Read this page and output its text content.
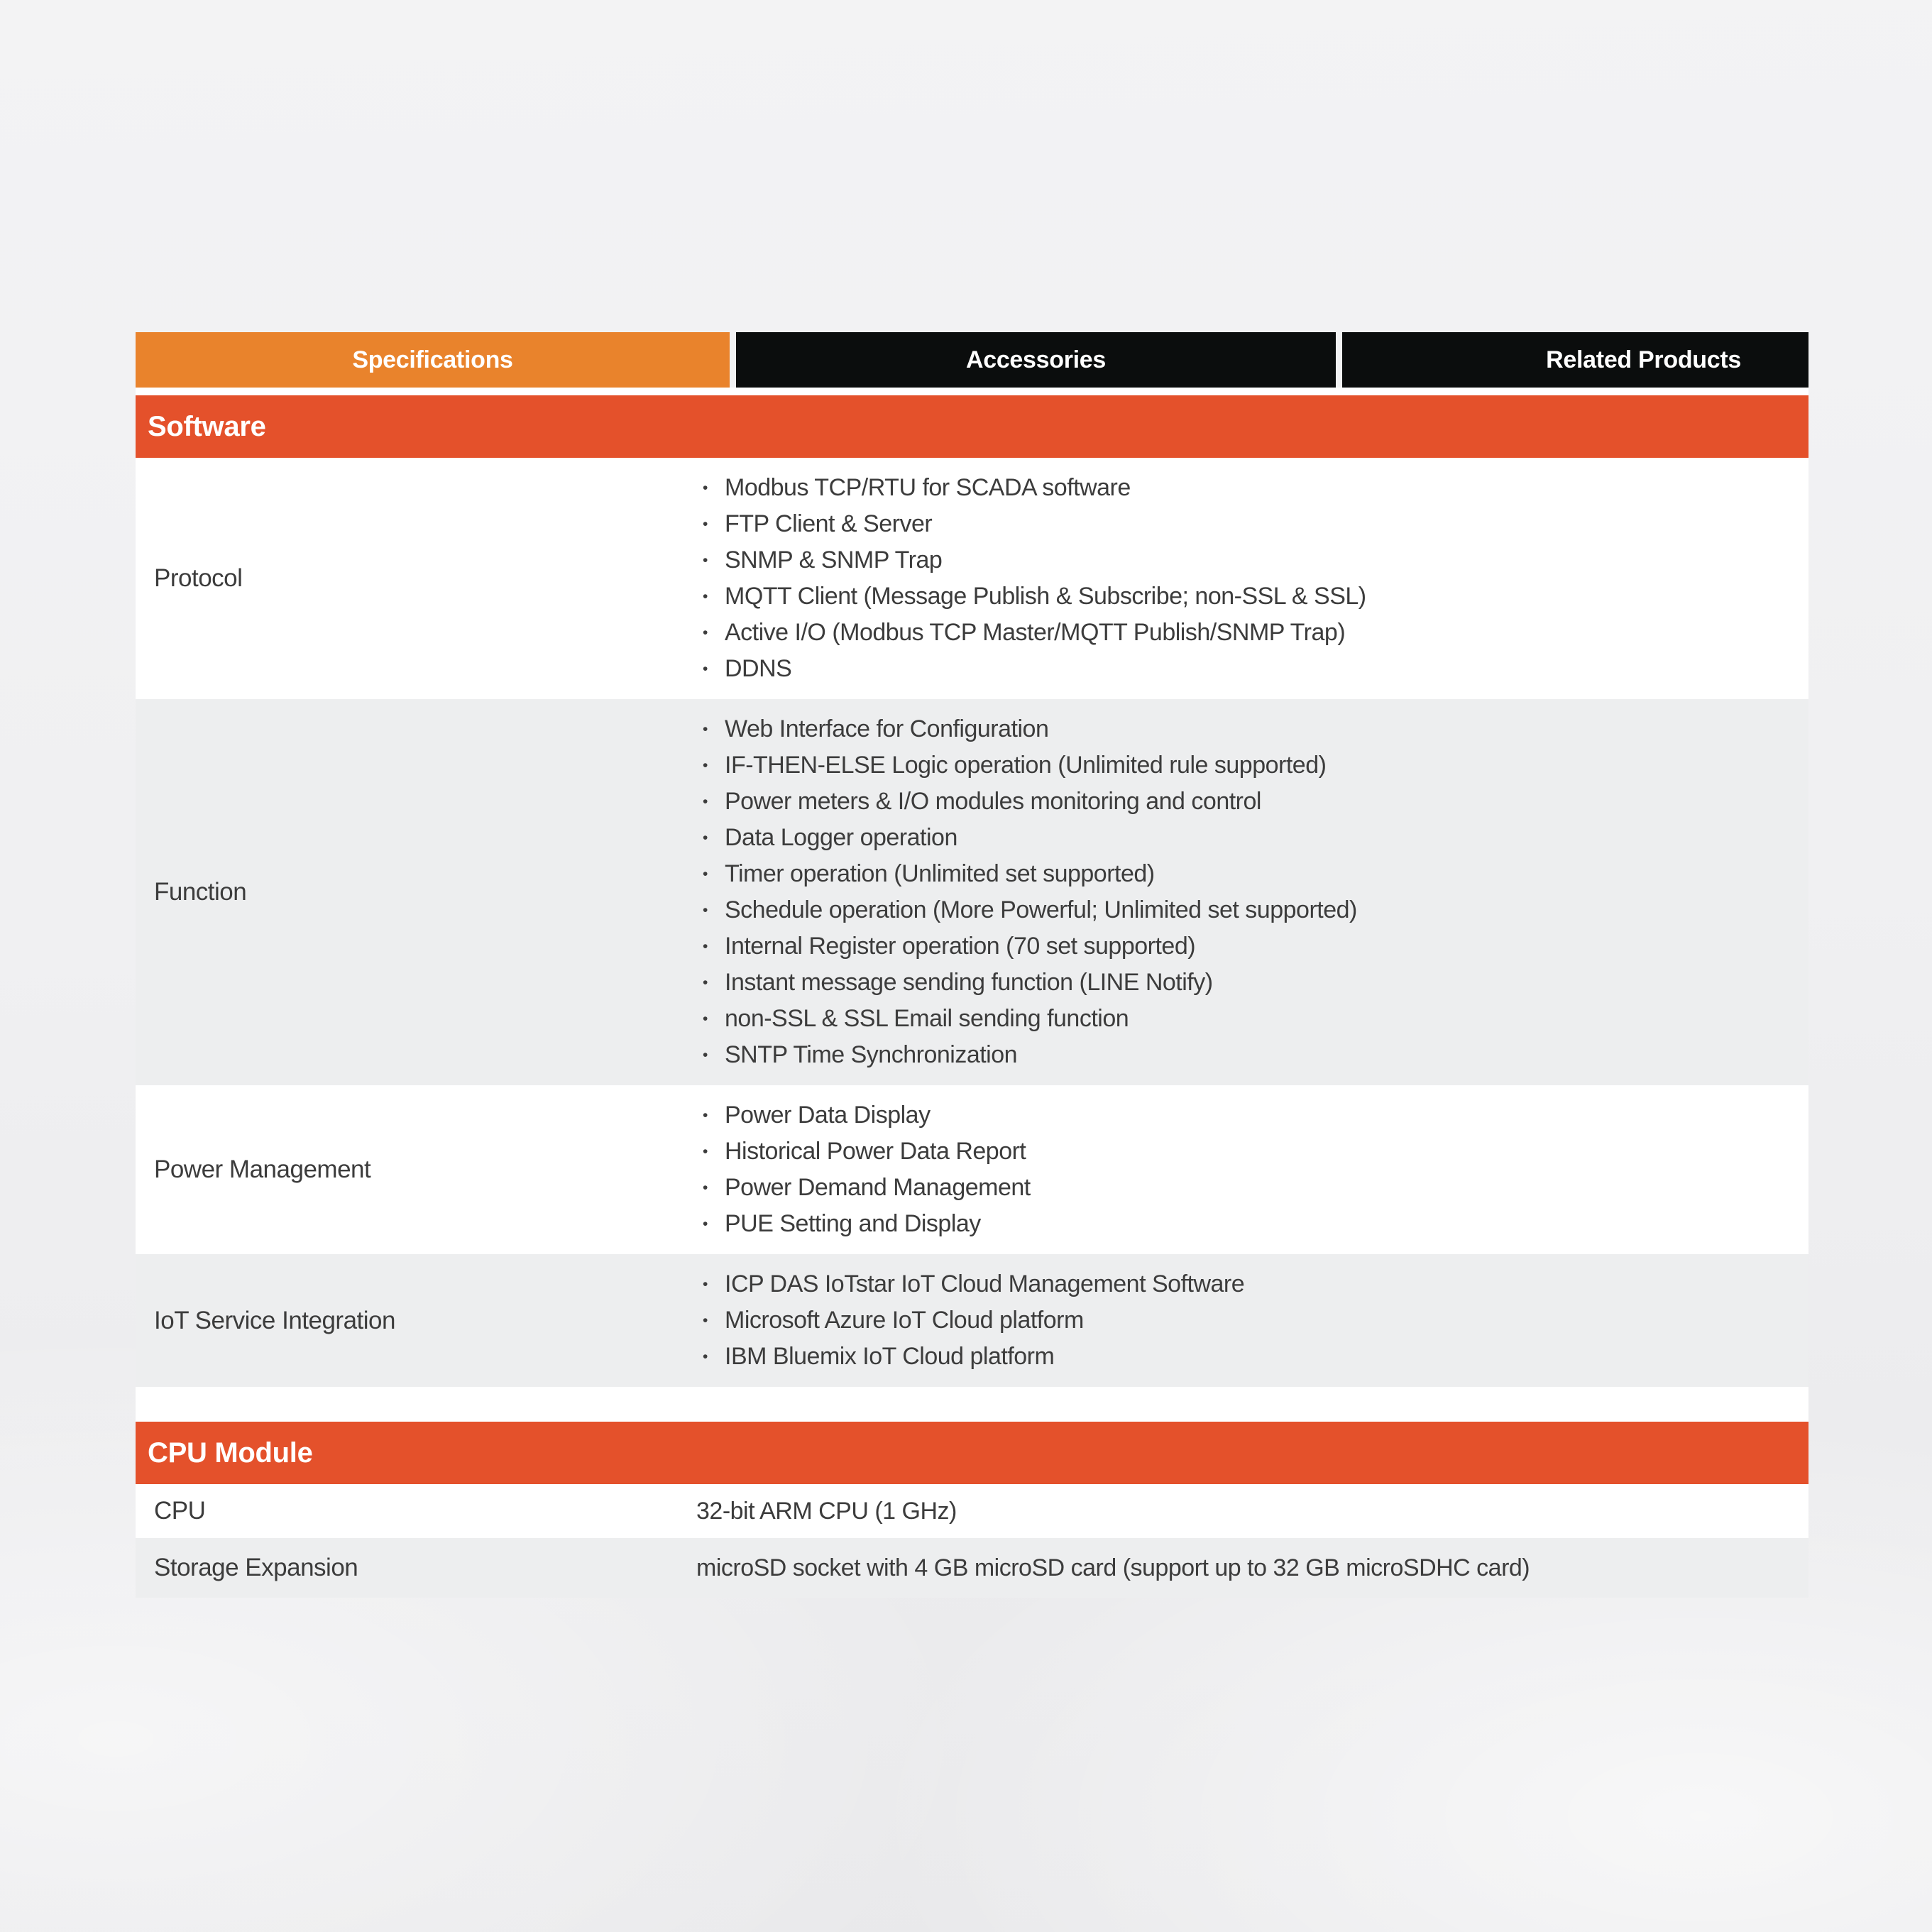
Specifications	Accessories	Related Products
Software
Protocol
• Modbus TCP/RTU for SCADA software
• FTP Client & Server
• SNMP & SNMP Trap
• MQTT Client (Message Publish & Subscribe; non-SSL & SSL)
• Active I/O (Modbus TCP Master/MQTT Publish/SNMP Trap)
• DDNS
Function
• Web Interface for Configuration
• IF-THEN-ELSE Logic operation (Unlimited rule supported)
• Power meters & I/O modules monitoring and control
• Data Logger operation
• Timer operation (Unlimited set supported)
• Schedule operation (More Powerful; Unlimited set supported)
• Internal Register operation (70 set supported)
• Instant message sending function (LINE Notify)
• non-SSL & SSL Email sending function
• SNTP Time Synchronization
Power Management
• Power Data Display
• Historical Power Data Report
• Power Demand Management
• PUE Setting and Display
IoT Service Integration
• ICP DAS IoTstar IoT Cloud Management Software
• Microsoft Azure IoT Cloud platform
• IBM Bluemix IoT Cloud platform
CPU Module
CPU	32-bit ARM CPU (1 GHz)
Storage Expansion	microSD socket with 4 GB microSD card (support up to 32 GB microSDHC card)
